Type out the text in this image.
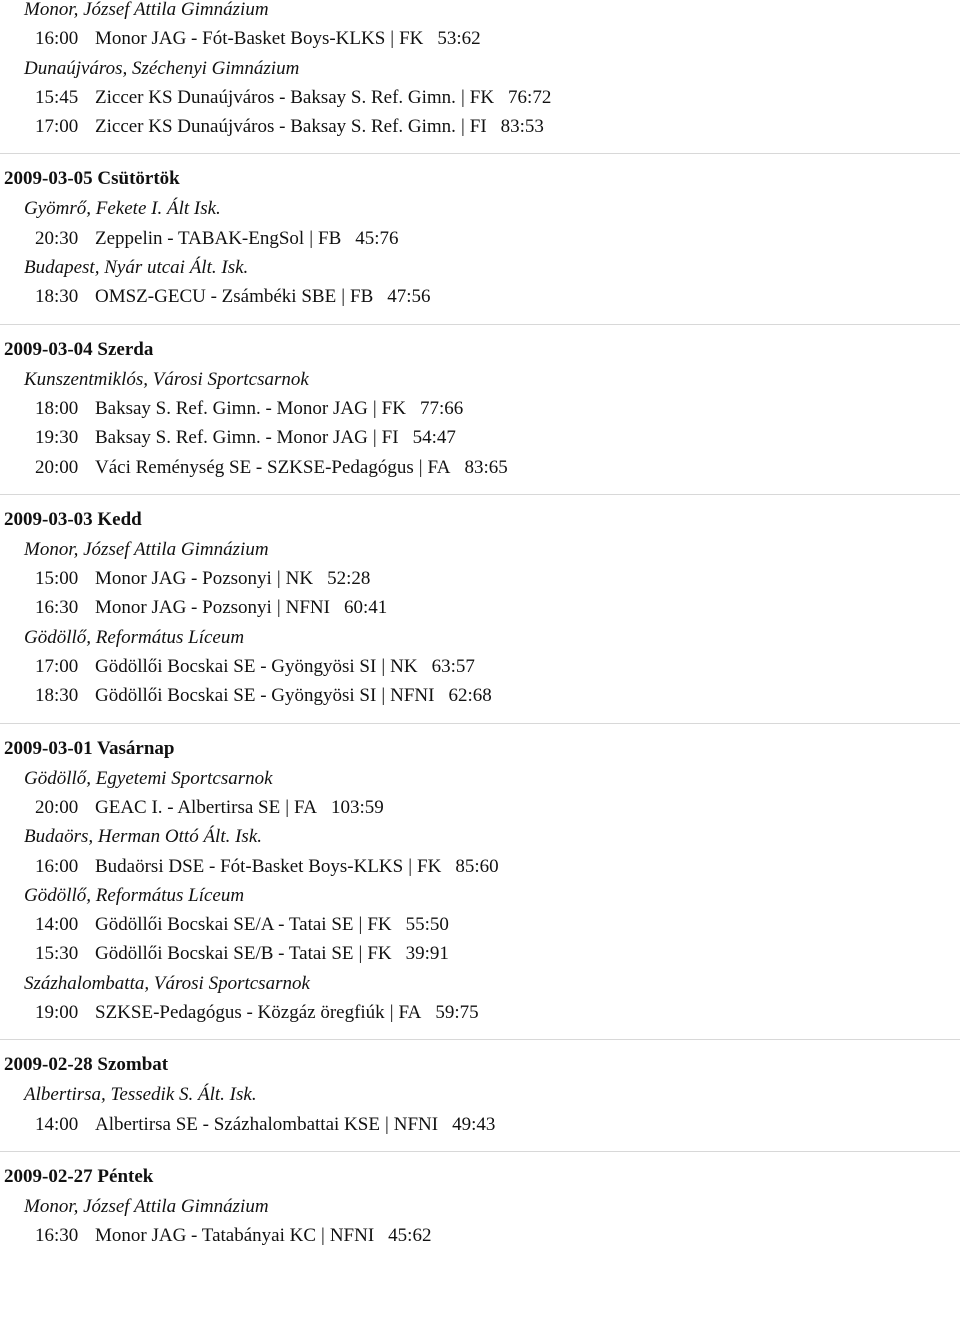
Monor, József Attila Gimnázium
16:00 Monor JAG - Fót-Basket Boys-KLKS | FK 53:62
Dunaújváros, Széchenyi Gimnázium
15:45 Ziccer KS Dunaújváros - Baksay S. Ref. Gimn. | FK 76:72
17:00 Ziccer KS Dunaújváros - Baksay S. Ref. Gimn. | FI 83:53
2009-03-05 Csütörtök
Gyömrő, Fekete I. Ált Isk.
20:30 Zeppelin - TABAK-EngSol | FB 45:76
Budapest, Nyár utcai Ált. Isk.
18:30 OMSZ-GECU - Zsámbéki SBE | FB 47:56
2009-03-04 Szerda
Kunszentmiklós, Városi Sportcsarnok
18:00 Baksay S. Ref. Gimn. - Monor JAG | FK 77:66
19:30 Baksay S. Ref. Gimn. - Monor JAG | FI 54:47
20:00 Váci Reménység SE - SZKSE-Pedagógus | FA 83:65
2009-03-03 Kedd
Monor, József Attila Gimnázium
15:00 Monor JAG - Pozsonyi | NK 52:28
16:30 Monor JAG - Pozsonyi | NFNI 60:41
Gödöllő, Református Líceum
17:00 Gödöllői Bocskai SE - Gyöngyösi SI | NK 63:57
18:30 Gödöllői Bocskai SE - Gyöngyösi SI | NFNI 62:68
2009-03-01 Vasárnap
Gödöllő, Egyetemi Sportcsarnok
20:00 GEAC I. - Albertirsa SE | FA 103:59
Budaörs, Herman Ottó Ált. Isk.
16:00 Budaörsi DSE - Fót-Basket Boys-KLKS | FK 85:60
Gödöllő, Református Líceum
14:00 Gödöllői Bocskai SE/A - Tatai SE | FK 55:50
15:30 Gödöllői Bocskai SE/B - Tatai SE | FK 39:91
Százhalombatta, Városi Sportcsarnok
19:00 SZKSE-Pedagógus - Közgáz öregfiúk | FA 59:75
2009-02-28 Szombat
Albertirsa, Tessedik S. Ált. Isk.
14:00 Albertirsa SE - Százhalombattai KSE | NFNI 49:43
2009-02-27 Péntek
Monor, József Attila Gimnázium
16:30 Monor JAG - Tatabányai KC | NFNI 45:62
